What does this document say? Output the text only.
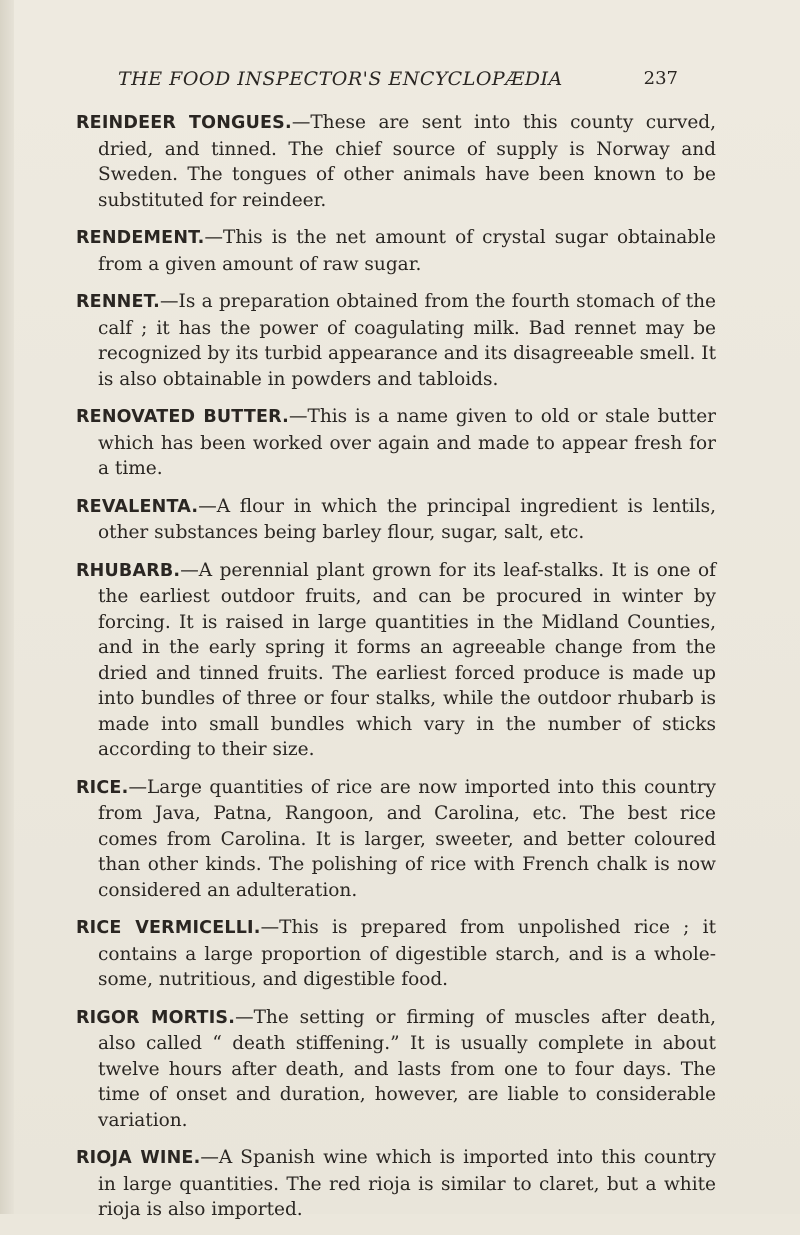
THE FOOD INSPECTOR'S ENCYCLOPÆDIA	237

REINDEER TONGUES.—These are sent into this county curved, dried, and tinned. The chief source of supply is Norway and Sweden. The tongues of other animals have been known to be substituted for reindeer.

RENDEMENT.—This is the net amount of crystal sugar obtainable from a given amount of raw sugar.

RENNET.—Is a preparation obtained from the fourth stomach of the calf ; it has the power of coagulating milk. Bad rennet may be recognized by its turbid appearance and its disagreeable smell. It is also obtainable in powders and tabloids.

RENOVATED BUTTER.—This is a name given to old or stale butter which has been worked over again and made to appear fresh for a time.

REVALENTA.—A flour in which the principal ingredient is lentils, other substances being barley flour, sugar, salt, etc.

RHUBARB.—A perennial plant grown for its leaf-stalks. It is one of the earliest outdoor fruits, and can be procured in winter by forcing. It is raised in large quantities in the Midland Counties, and in the early spring it forms an agreeable change from the dried and tinned fruits. The earliest forced produce is made up into bundles of three or four stalks, while the outdoor rhubarb is made into small bundles which vary in the number of sticks according to their size.

RICE.—Large quantities of rice are now imported into this country from Java, Patna, Rangoon, and Carolina, etc. The best rice comes from Carolina. It is larger, sweeter, and better coloured than other kinds. The polishing of rice with French chalk is now considered an adulteration.

RICE VERMICELLI.—This is prepared from unpolished rice ; it contains a large proportion of digestible starch, and is a whole-some, nutritious, and digestible food.

RIGOR MORTIS.—The setting or firming of muscles after death, also called “ death stiffening.” It is usually complete in about twelve hours after death, and lasts from one to four days. The time of onset and duration, however, are liable to considerable variation.

RIOJA WINE.—A Spanish wine which is imported into this country in large quantities. The red rioja is similar to claret, but a white rioja is also imported.
